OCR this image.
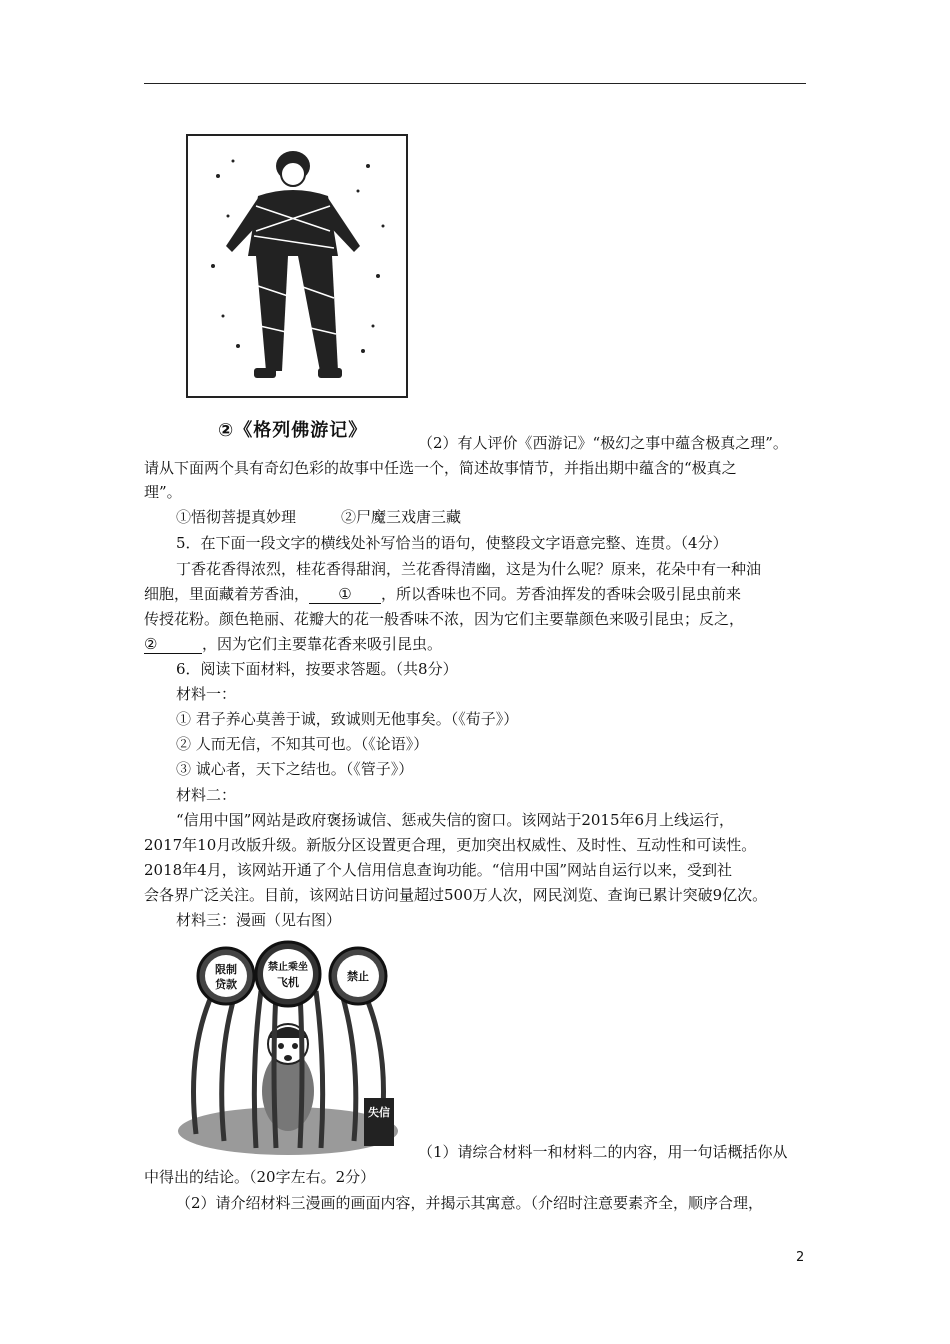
②《格列佛游记》
（2）有人评价《西游记》“极幻之事中蕴含极真之理”。
请从下面两个具有奇幻色彩的故事中任选一个，简述故事情节，并指出期中蕴含的“极真之
理”。
①悟彻菩提真妙理　　　②尸魔三戏唐三藏
5．在下面一段文字的横线处补写恰当的语句，使整段文字语意完整、连贯。（4分）
丁香花香得浓烈，桂花香得甜润，兰花香得清幽，这是为什么呢？原来，花朵中有一种油
细胞，里面藏着芳香油， ① ，所以香味也不同。芳香油挥发的香味会吸引昆虫前来
传授花粉。颜色艳丽、花瓣大的花一般香味不浓，因为它们主要靠颜色来吸引昆虫；反之，
②	，因为它们主要靠花香来吸引昆虫。
6．阅读下面材料，按要求答题。（共8分）
材料一：
① 君子养心莫善于诚，致诚则无他事矣。（《荀子》）
② 人而无信，不知其可也。（《论语》）
③ 诚心者，天下之结也。（《管子》）
材料二：
“信用中国”网站是政府褒扬诚信、惩戒失信的窗口。该网站于2015年6月上线运行，
2017年10月改版升级。新版分区设置更合理，更加突出权威性、及时性、互动性和可读性。
2018年4月，该网站开通了个人信用信息查询功能。“信用中国”网站自运行以来，受到社
会各界广泛关注。目前，该网站日访问量超过500万人次，网民浏览、查询已累计突破9亿次。
材料三：漫画（见右图）
限制
贷款
禁止乘坐
飞机	禁止
失信
（1）请综合材料一和材料二的内容，用一句话概括你从
中得出的结论。（20字左右。2分）
（2）请介绍材料三漫画的画面内容，并揭示其寓意。（介绍时注意要素齐全，顺序合理，
2
